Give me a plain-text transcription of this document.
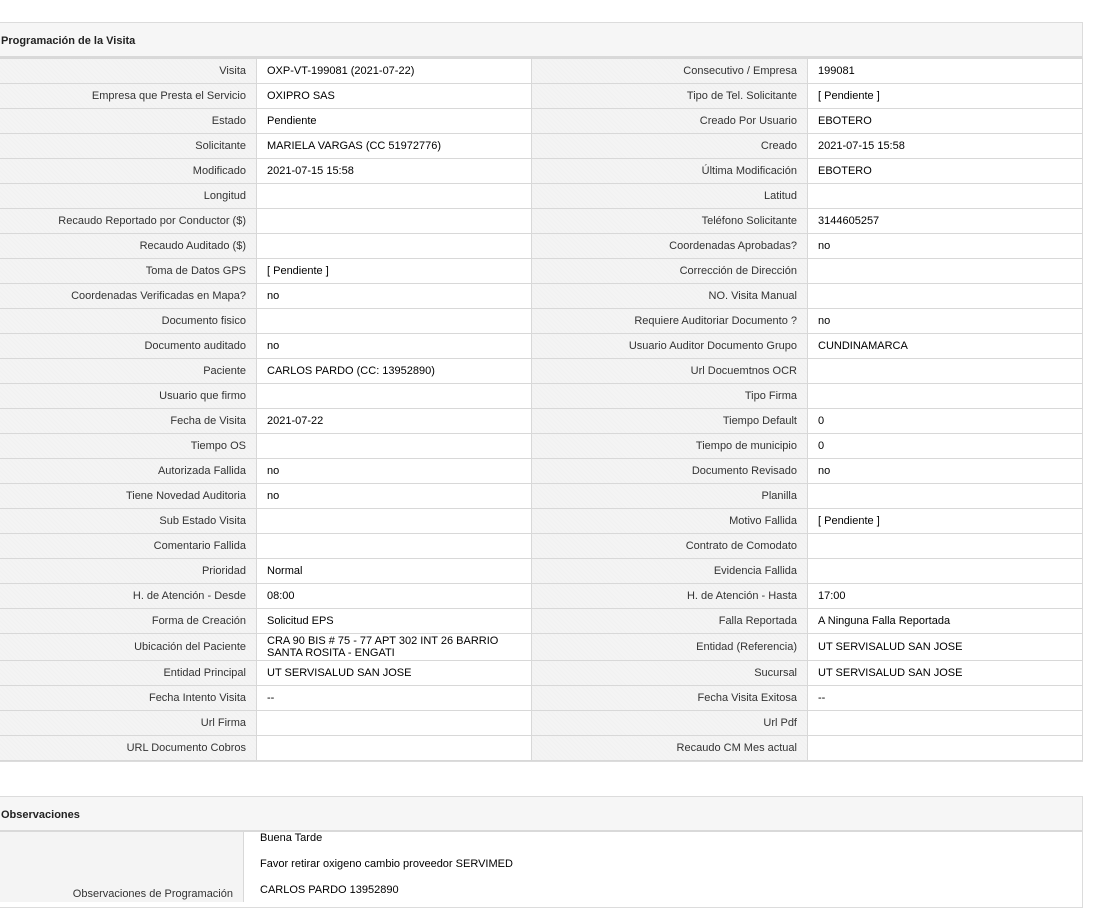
Programación de la Visita
Visita	OXP-VT-199081 (2021-07-22)	Consecutivo / Empresa	199081
Empresa que Presta el Servicio	OXIPRO SAS	Tipo de Tel. Solicitante	[ Pendiente ]
Estado	Pendiente	Creado Por Usuario	EBOTERO
Solicitante	MARIELA VARGAS (CC 51972776)	Creado	2021-07-15 15:58
Modificado	2021-07-15 15:58	Última Modificación	EBOTERO
Longitud		Latitud	
Recaudo Reportado por Conductor ($)		Teléfono Solicitante	3144605257
Recaudo Auditado ($)		Coordenadas Aprobadas?	no
Toma de Datos GPS	[ Pendiente ]	Corrección de Dirección	
Coordenadas Verificadas en Mapa?	no	NO. Visita Manual	
Documento fisico		Requiere Auditoriar Documento ?	no
Documento auditado	no	Usuario Auditor Documento Grupo	CUNDINAMARCA
Paciente	CARLOS PARDO (CC: 13952890)	Url Docuemtnos OCR	
Usuario que firmo		Tipo Firma	
Fecha de Visita	2021-07-22	Tiempo Default	0
Tiempo OS		Tiempo de municipio	0
Autorizada Fallida	no	Documento Revisado	no
Tiene Novedad Auditoria	no	Planilla	
Sub Estado Visita		Motivo Fallida	[ Pendiente ]
Comentario Fallida		Contrato de Comodato	
Prioridad	Normal	Evidencia Fallida	
H. de Atención - Desde	08:00	H. de Atención - Hasta	17:00
Forma de Creación	Solicitud EPS	Falla Reportada	A Ninguna Falla Reportada
Ubicación del Paciente	CRA 90 BIS # 75 - 77 APT 302 INT 26 BARRIO SANTA ROSITA - ENGATI	Entidad (Referencia)	UT SERVISALUD SAN JOSE
Entidad Principal	UT SERVISALUD SAN JOSE	Sucursal	UT SERVISALUD SAN JOSE
Fecha Intento Visita	--	Fecha Visita Exitosa	--
Url Firma		Url Pdf	
URL Documento Cobros		Recaudo CM Mes actual	
Observaciones
Observaciones de Programación
Buena Tarde
Favor retirar oxigeno cambio proveedor SERVIMED
CARLOS PARDO 13952890
